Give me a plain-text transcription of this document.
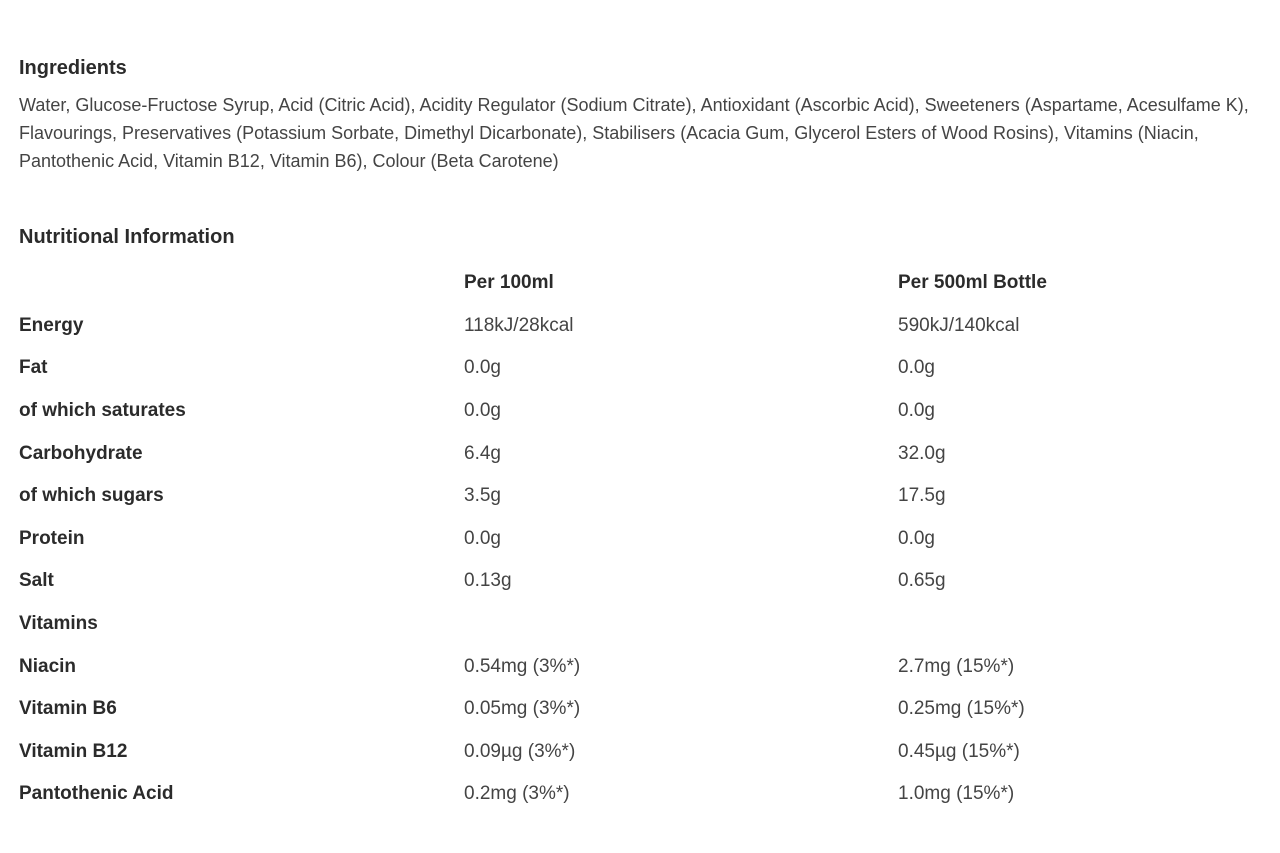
Ingredients

Water, Glucose-Fructose Syrup, Acid (Citric Acid), Acidity Regulator (Sodium Citrate), Antioxidant (Ascorbic Acid), Sweeteners (Aspartame, Acesulfame K), Flavourings, Preservatives (Potassium Sorbate, Dimethyl Dicarbonate), Stabilisers (Acacia Gum, Glycerol Esters of Wood Rosins), Vitamins (Niacin, Pantothenic Acid, Vitamin B12, Vitamin B6), Colour (Beta Carotene)

Nutritional Information
	Per 100ml	Per 500ml Bottle
Energy	118kJ/28kcal	590kJ/140kcal
Fat	0.0g	0.0g
of which saturates	0.0g	0.0g
Carbohydrate	6.4g	32.0g
of which sugars	3.5g	17.5g
Protein	0.0g	0.0g
Salt	0.13g	0.65g
Vitamins		
Niacin	0.54mg (3%*)	2.7mg (15%*)
Vitamin B6	0.05mg (3%*)	0.25mg (15%*)
Vitamin B12	0.09µg (3%*)	0.45µg (15%*)
Pantothenic Acid	0.2mg (3%*)	1.0mg (15%*)
